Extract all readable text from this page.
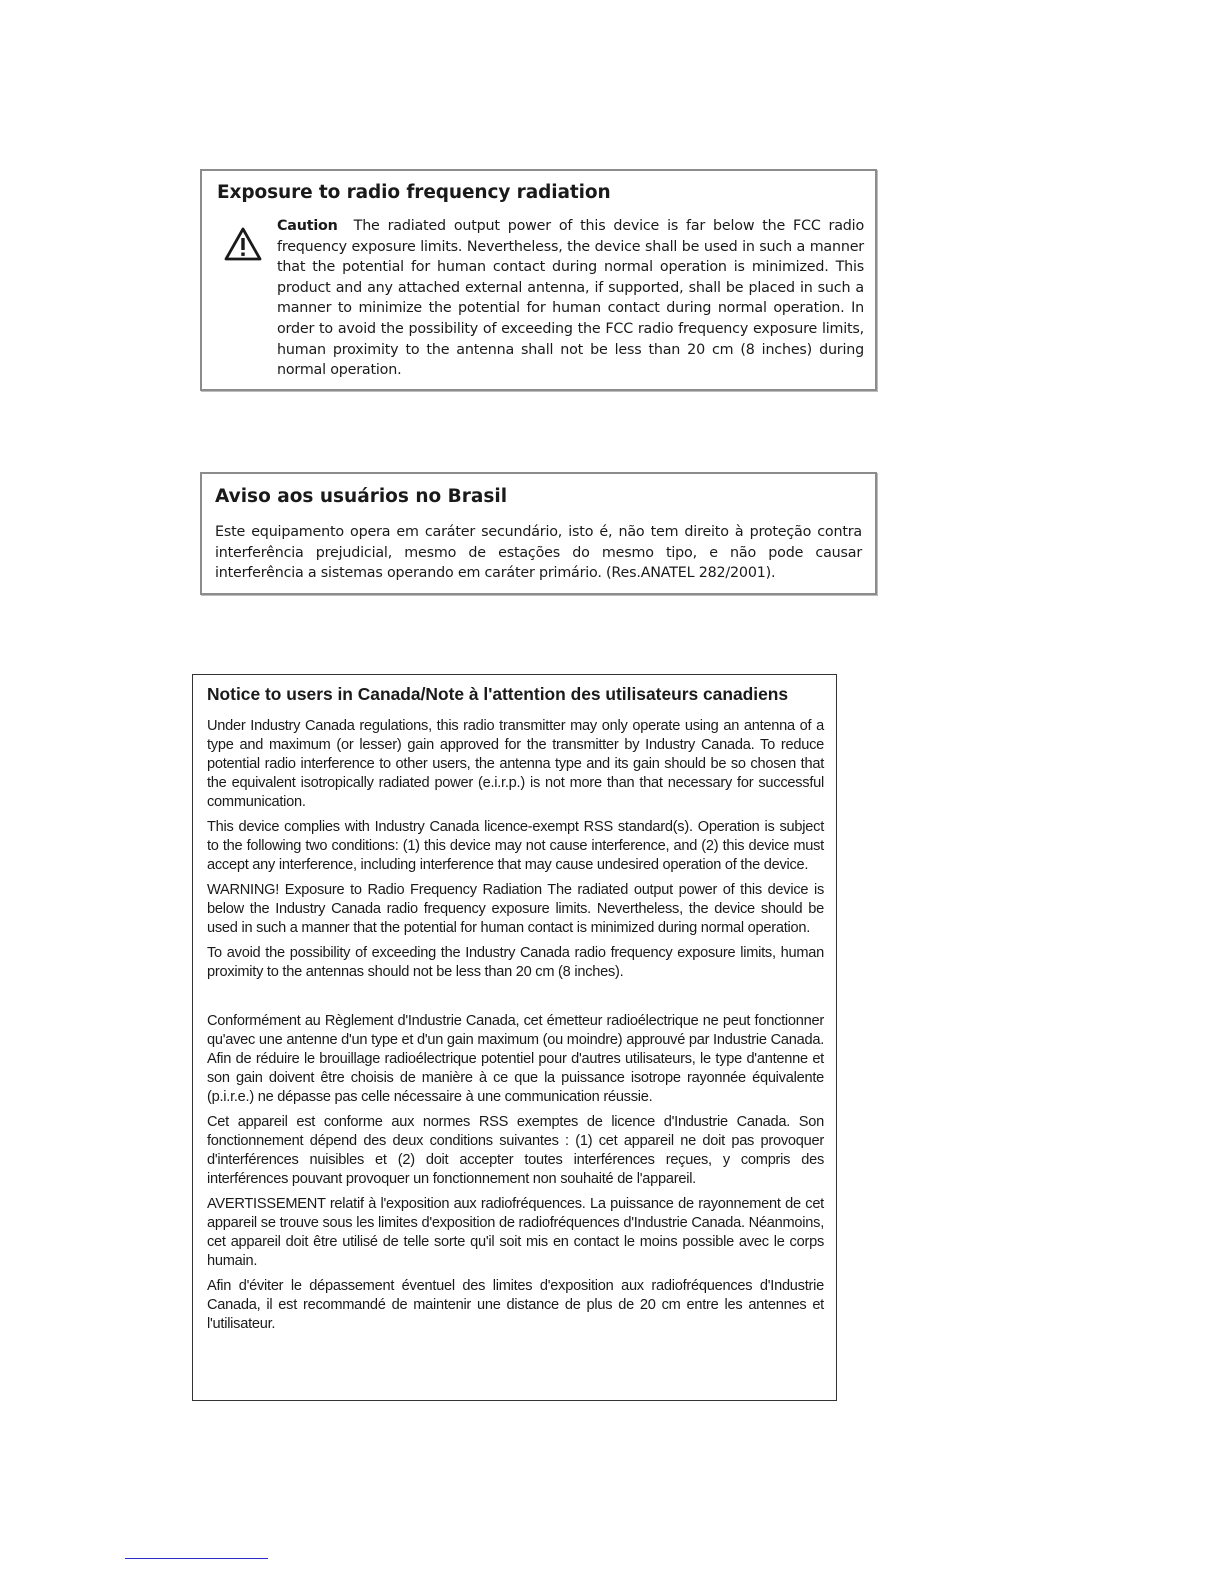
Exposure to radio frequency radiation
Caution The radiated output power of this device is far below the FCC radio frequency exposure limits. Nevertheless, the device shall be used in such a manner that the potential for human contact during normal operation is minimized. This product and any attached external antenna, if supported, shall be placed in such a manner to minimize the potential for human contact during normal operation. In order to avoid the possibility of exceeding the FCC radio frequency exposure limits, human proximity to the antenna shall not be less than 20 cm (8 inches) during normal operation.
Aviso aos usuários no Brasil
Este equipamento opera em caráter secundário, isto é, não tem direito à proteção contra interferência prejudicial, mesmo de estações do mesmo tipo, e não pode causar interferência a sistemas operando em caráter primário. (Res.ANATEL 282/2001).
Notice to users in Canada/Note à l'attention des utilisateurs canadiens

Under Industry Canada regulations, this radio transmitter may only operate using an antenna of a type and maximum (or lesser) gain approved for the transmitter by Industry Canada. To reduce potential radio interference to other users, the antenna type and its gain should be so chosen that the equivalent isotropically radiated power (e.i.r.p.) is not more than that necessary for successful communication.

This device complies with Industry Canada licence-exempt RSS standard(s). Operation is subject to the following two conditions: (1) this device may not cause interference, and (2) this device must accept any interference, including interference that may cause undesired operation of the device.

WARNING! Exposure to Radio Frequency Radiation The radiated output power of this device is below the Industry Canada radio frequency exposure limits. Nevertheless, the device should be used in such a manner that the potential for human contact is minimized during normal operation.

To avoid the possibility of exceeding the Industry Canada radio frequency exposure limits, human proximity to the antennas should not be less than 20 cm (8 inches).

Conformément au Règlement d'Industrie Canada, cet émetteur radioélectrique ne peut fonctionner qu'avec une antenne d'un type et d'un gain maximum (ou moindre) approuvé par Industrie Canada. Afin de réduire le brouillage radioélectrique potentiel pour d'autres utilisateurs, le type d'antenne et son gain doivent être choisis de manière à ce que la puissance isotrope rayonnée équivalente (p.i.r.e.) ne dépasse pas celle nécessaire à une communication réussie.

Cet appareil est conforme aux normes RSS exemptes de licence d'Industrie Canada. Son fonctionnement dépend des deux conditions suivantes : (1) cet appareil ne doit pas provoquer d'interférences nuisibles et (2) doit accepter toutes interférences reçues, y compris des interférences pouvant provoquer un fonctionnement non souhaité de l'appareil.

AVERTISSEMENT relatif à l'exposition aux radiofréquences. La puissance de rayonnement de cet appareil se trouve sous les limites d'exposition de radiofréquences d'Industrie Canada. Néanmoins, cet appareil doit être utilisé de telle sorte qu'il soit mis en contact le moins possible avec le corps humain.

Afin d'éviter le dépassement éventuel des limites d'exposition aux radiofréquences d'Industrie Canada, il est recommandé de maintenir une distance de plus de 20 cm entre les antennes et l'utilisateur.
